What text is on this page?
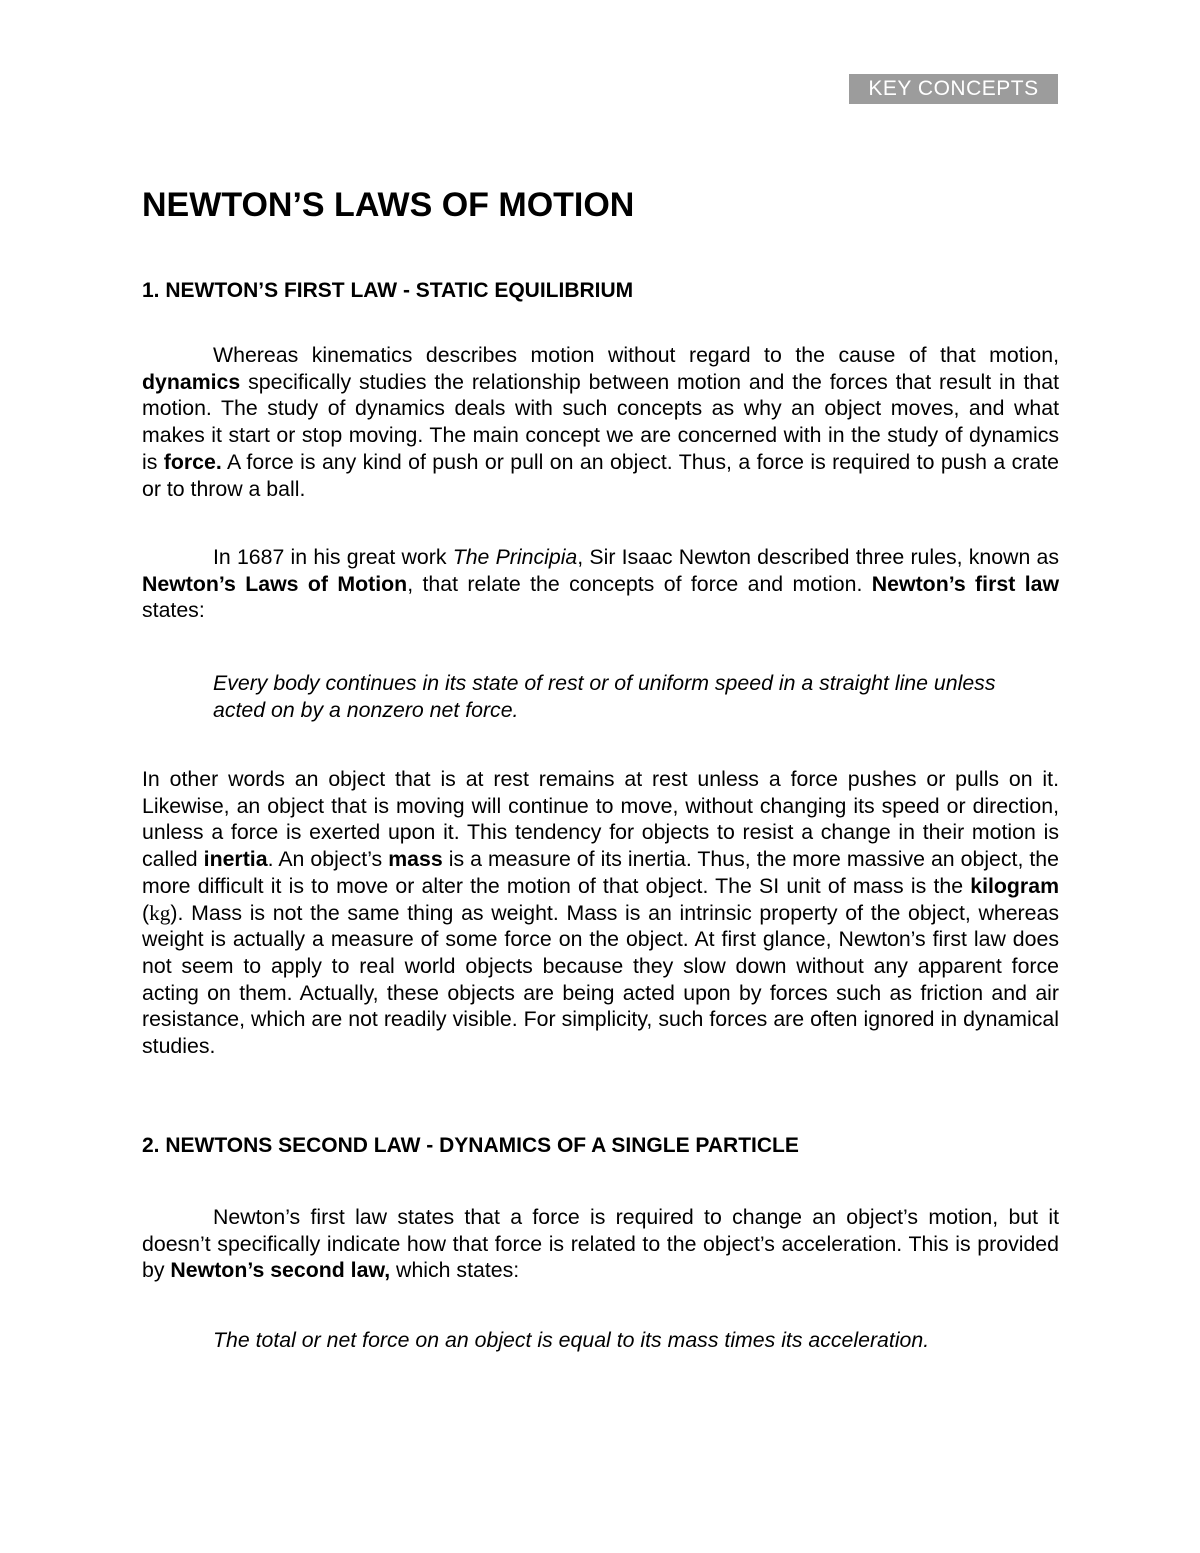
KEY CONCEPTS
NEWTON’S LAWS OF MOTION
1. NEWTON’S FIRST LAW - STATIC EQUILIBRIUM

Whereas kinematics describes motion without regard to the cause of that motion, dynamics specifically studies the relationship between motion and the forces that result in that motion. The study of dynamics deals with such concepts as why an object moves, and what makes it start or stop moving. The main concept we are concerned with in the study of dynamics is force. A force is any kind of push or pull on an object. Thus, a force is required to push a crate or to throw a ball.

In 1687 in his great work The Principia, Sir Isaac Newton described three rules, known as Newton’s Laws of Motion, that relate the concepts of force and motion. Newton’s first law states:

Every body continues in its state of rest or of uniform speed in a straight line unless acted on by a nonzero net force.

In other words an object that is at rest remains at rest unless a force pushes or pulls on it. Likewise, an object that is moving will continue to move, without changing its speed or direction, unless a force is exerted upon it. This tendency for objects to resist a change in their motion is called inertia. An object’s mass is a measure of its inertia. Thus, the more massive an object, the more difficult it is to move or alter the motion of that object. The SI unit of mass is the kilogram (kg). Mass is not the same thing as weight. Mass is an intrinsic property of the object, whereas weight is actually a measure of some force on the object. At first glance, Newton’s first law does not seem to apply to real world objects because they slow down without any apparent force acting on them. Actually, these objects are being acted upon by forces such as friction and air resistance, which are not readily visible. For simplicity, such forces are often ignored in dynamical studies.

2. NEWTONS SECOND LAW - DYNAMICS OF A SINGLE PARTICLE

Newton’s first law states that a force is required to change an object’s motion, but it doesn’t specifically indicate how that force is related to the object’s acceleration. This is provided by Newton’s second law, which states:

The total or net force on an object is equal to its mass times its acceleration.
